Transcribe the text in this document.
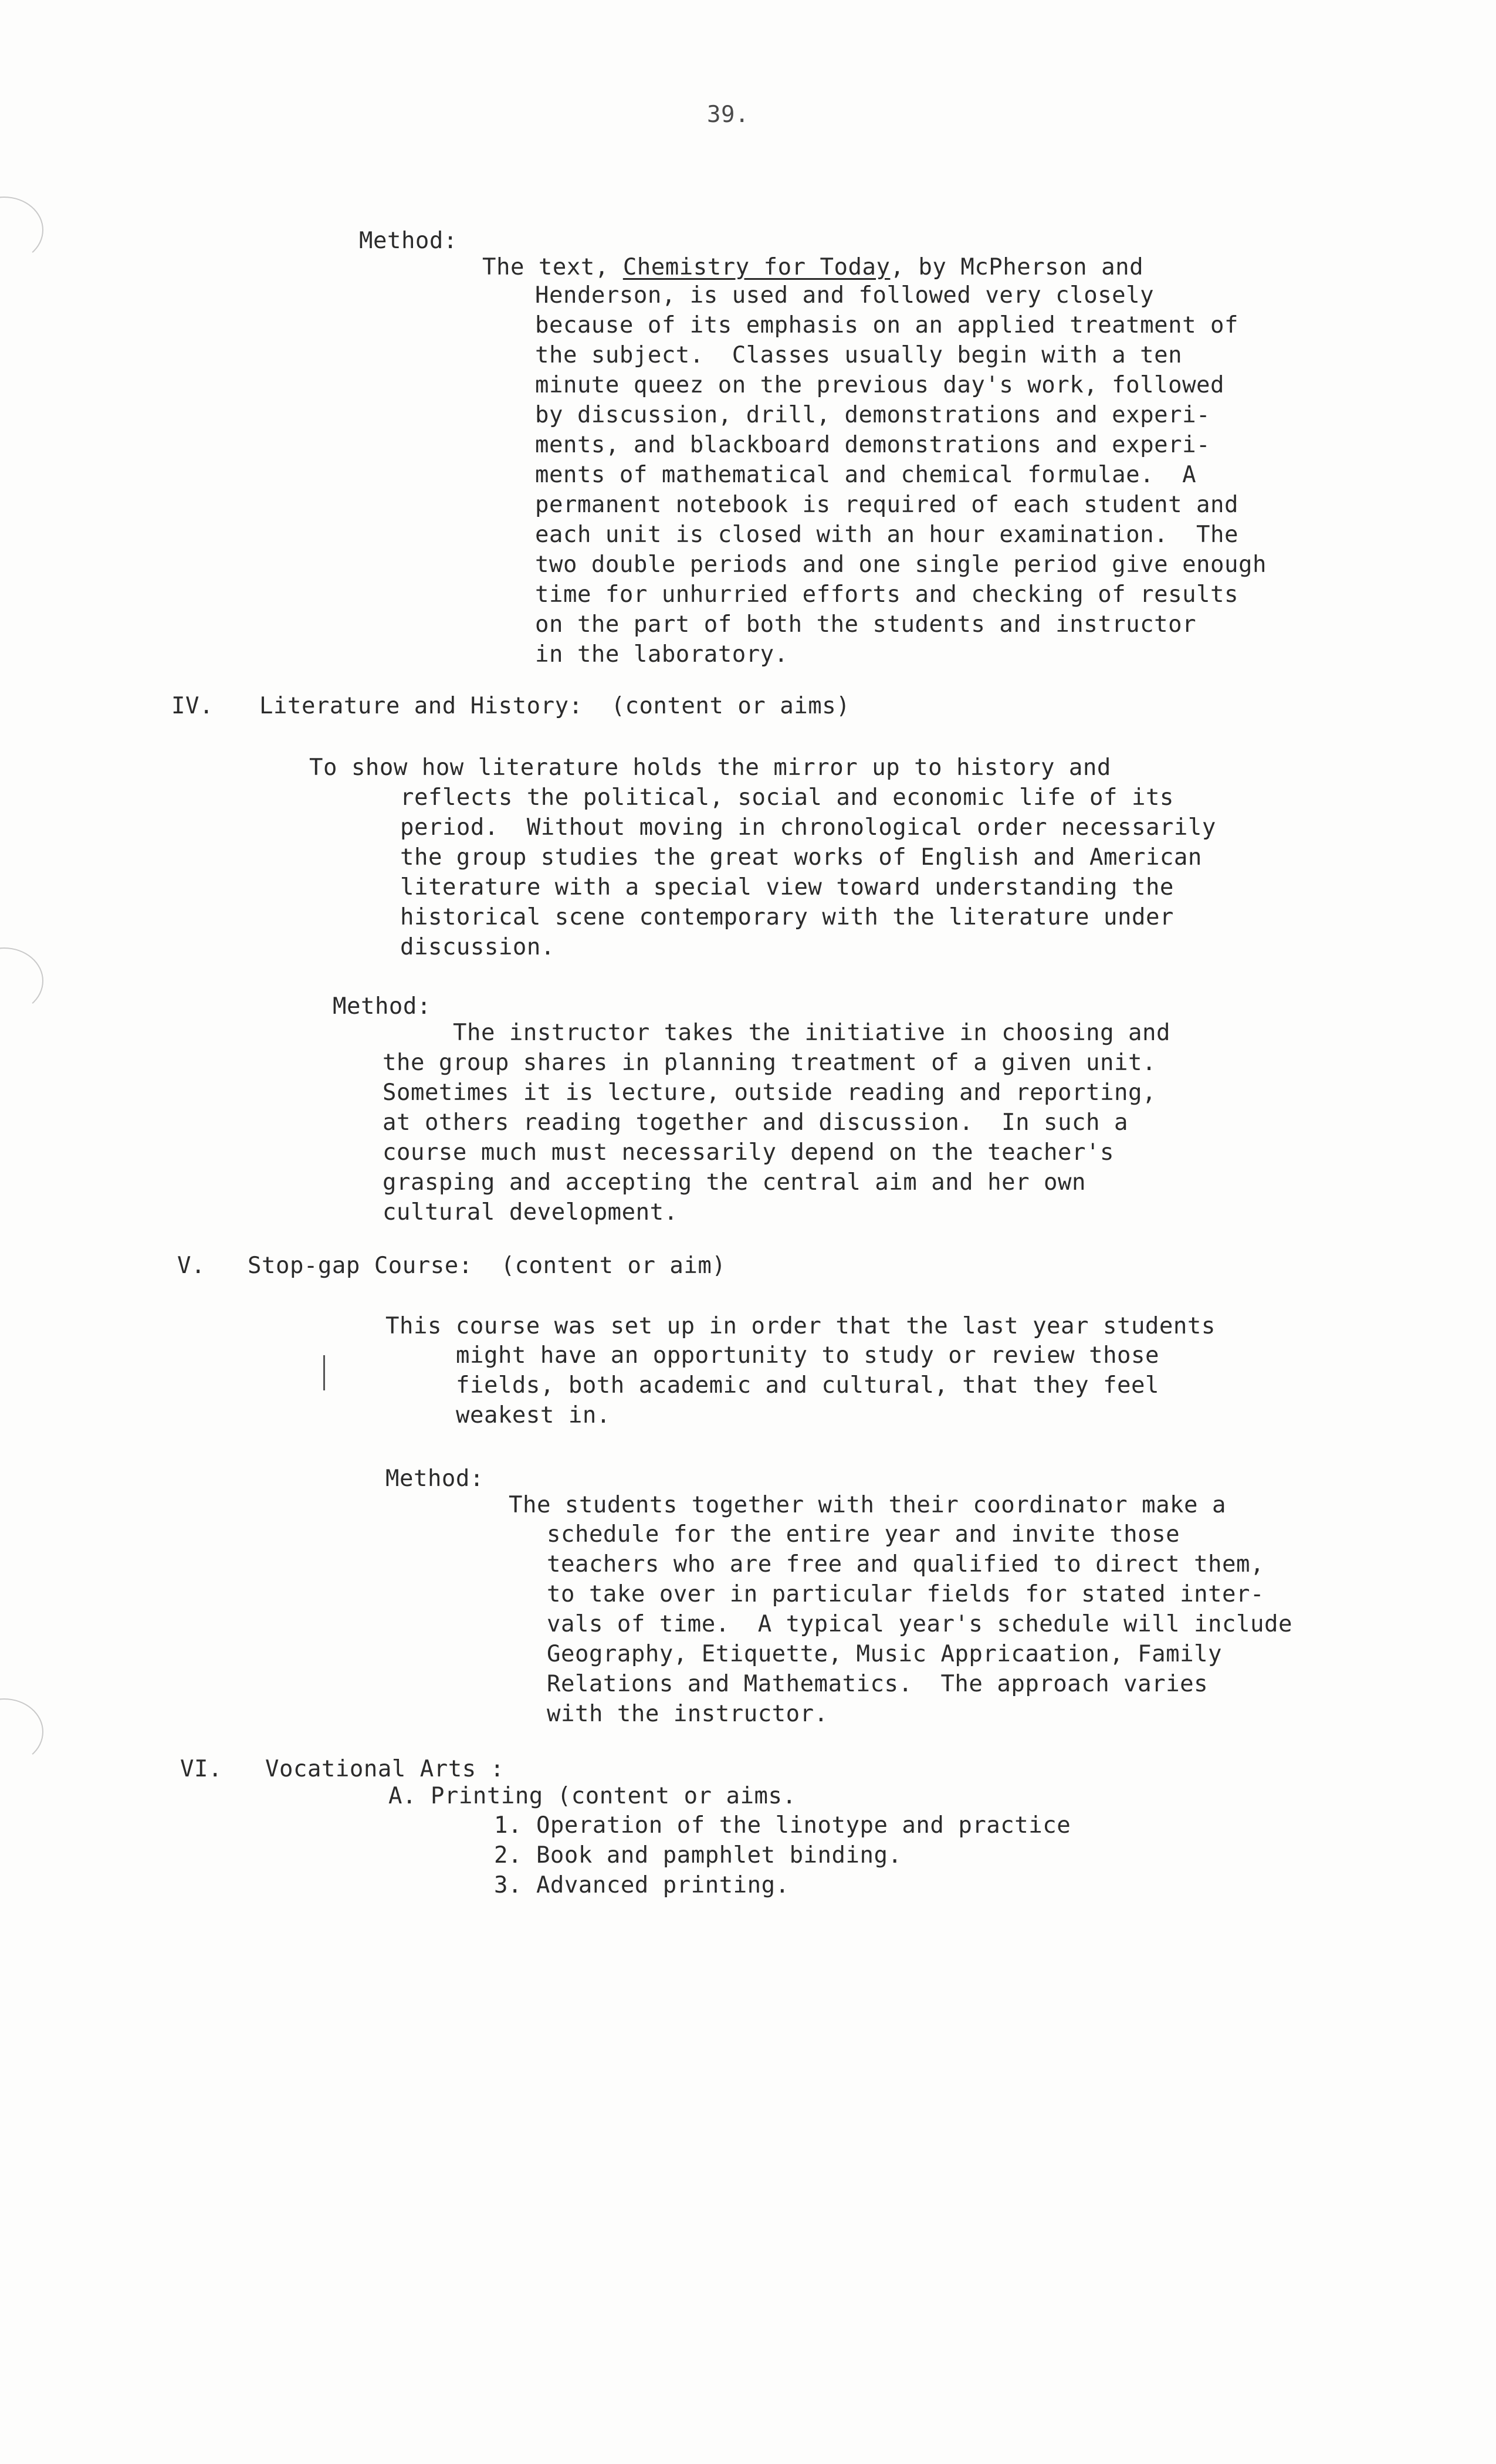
39.
Method:
The text, Chemistry for Today, by McPherson and
Henderson, is used and followed very closely
because of its emphasis on an applied treatment of
the subject.  Classes usually begin with a ten
minute queez on the previous day's work, followed
by discussion, drill, demonstrations and experi-
ments, and blackboard demonstrations and experi-
ments of mathematical and chemical formulae.  A
permanent notebook is required of each student and
each unit is closed with an hour examination.  The
two double periods and one single period give enough
time for unhurried efforts and checking of results
on the part of both the students and instructor
in the laboratory.
IV. Literature and History:  (content or aims)
To show how literature holds the mirror up to history and
reflects the political, social and economic life of its
period.  Without moving in chronological order necessarily
the group studies the great works of English and American
literature with a special view toward understanding the
historical scene contemporary with the literature under
discussion.
Method:
The instructor takes the initiative in choosing and
the group shares in planning treatment of a given unit.
Sometimes it is lecture, outside reading and reporting,
at others reading together and discussion.  In such a
course much must necessarily depend on the teacher's
grasping and accepting the central aim and her own
cultural development.
V. Stop-gap Course:  (content or aim)
This course was set up in order that the last year students
might have an opportunity to study or review those
fields, both academic and cultural, that they feel
weakest in.
Method:
The students together with their coordinator make a
schedule for the entire year and invite those
teachers who are free and qualified to direct them,
to take over in particular fields for stated inter-
vals of time.  A typical year's schedule will include
Geography, Etiquette, Music Appricaation, Family
Relations and Mathematics.  The approach varies
with the instructor.
VI. Vocational Arts :
A. Printing (content or aims.
1. Operation of the linotype and practice
2. Book and pamphlet binding.
3. Advanced printing.
